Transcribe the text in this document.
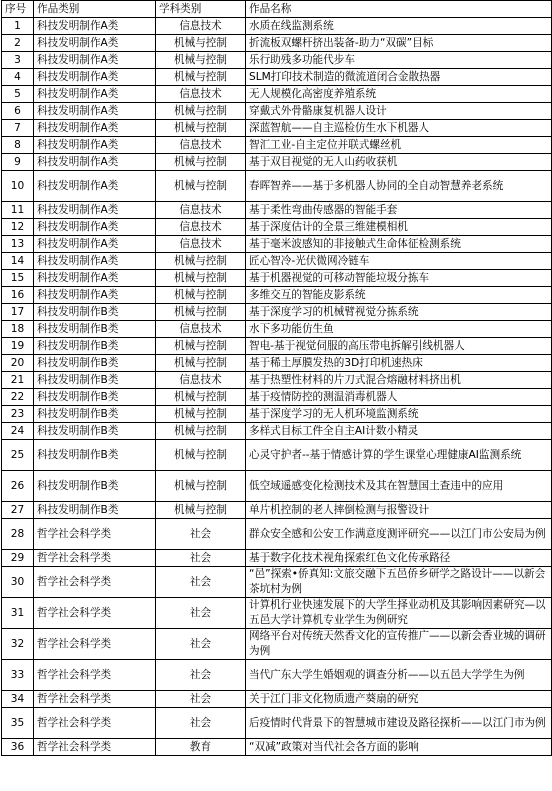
序号	作品类别	学科类别	作品名称
1	科技发明制作A类	信息技术	水质在线监测系统
2	科技发明制作A类	机械与控制	折流板双螺杆挤出装备-助力“双碳”目标
3	科技发明制作A类	机械与控制	乐行助残多功能代步车
4	科技发明制作A类	机械与控制	SLM打印技术制造的微流道闭合金散热器
5	科技发明制作A类	信息技术	无人规模化高密度养殖系统
6	科技发明制作A类	机械与控制	穿戴式外骨骼康复机器人设计
7	科技发明制作A类	机械与控制	深蓝智航——自主巡检仿生水下机器人
8	科技发明制作A类	信息技术	智汇工业-自主定位并联式螺丝机
9	科技发明制作A类	机械与控制	基于双目视觉的无人山药收获机
10	科技发明制作A类	机械与控制	春晖智养——基于多机器人协同的全自动智慧养老系统
11	科技发明制作A类	信息技术	基于柔性弯曲传感器的智能手套
12	科技发明制作A类	信息技术	基于深度估计的全景三维建模相机
13	科技发明制作A类	信息技术	基于毫米波感知的非接触式生命体征检测系统
14	科技发明制作A类	机械与控制	匠心智冷-光伏微网冷链车
15	科技发明制作A类	机械与控制	基于机器视觉的可移动智能垃圾分拣车
16	科技发明制作A类	机械与控制	多维交互的智能皮影系统
17	科技发明制作B类	机械与控制	基于深度学习的机械臂视觉分拣系统
18	科技发明制作B类	信息技术	水下多功能仿生鱼
19	科技发明制作B类	机械与控制	智电-基于视觉伺服的高压带电拆解引线机器人
20	科技发明制作B类	机械与控制	基于稀土厚膜发热的3D打印机速热床
21	科技发明制作B类	信息技术	基于热塑性材料的片刀式混合熔融材料挤出机
22	科技发明制作B类	机械与控制	基于疫情防控的测温消毒机器人
23	科技发明制作B类	机械与控制	基于深度学习的无人机环境监测系统
24	科技发明制作B类	机械与控制	多样式目标工件全自主AI计数小精灵
25	科技发明制作B类	机械与控制	心灵守护者--基于情感计算的学生课堂心理健康AI监测系统
26	科技发明制作B类	机械与控制	低空域遥感变化检测技术及其在智慧国土查违中的应用
27	科技发明制作B类	机械与控制	单片机控制的老人摔倒检测与报警设计
28	哲学社会科学类	社会	群众安全感和公安工作满意度测评研究——以江门市公安局为例
29	哲学社会科学类	社会	基于数字化技术视角探索红色文化传承路径
30	哲学社会科学类	社会	“邑”探索•侨真知:文旅交融下五邑侨乡研学之路设计——以新会茶坑村为例
31	哲学社会科学类	社会	计算机行业快速发展下的大学生择业动机及其影响因素研究—以五邑大学计算机专业学生为例研究
32	哲学社会科学类	社会	网络平台对传统天然香文化的宣传推广——以新会香业城的调研为例
33	哲学社会科学类	社会	当代广东大学生婚姻观的调查分析——以五邑大学学生为例
34	哲学社会科学类	社会	关于江门非文化物质遗产葵扇的研究
35	哲学社会科学类	社会	后疫情时代背景下的智慧城市建设及路径探析——以江门市为例
36	哲学社会科学类	教育	“双减”政策对当代社会各方面的影响
